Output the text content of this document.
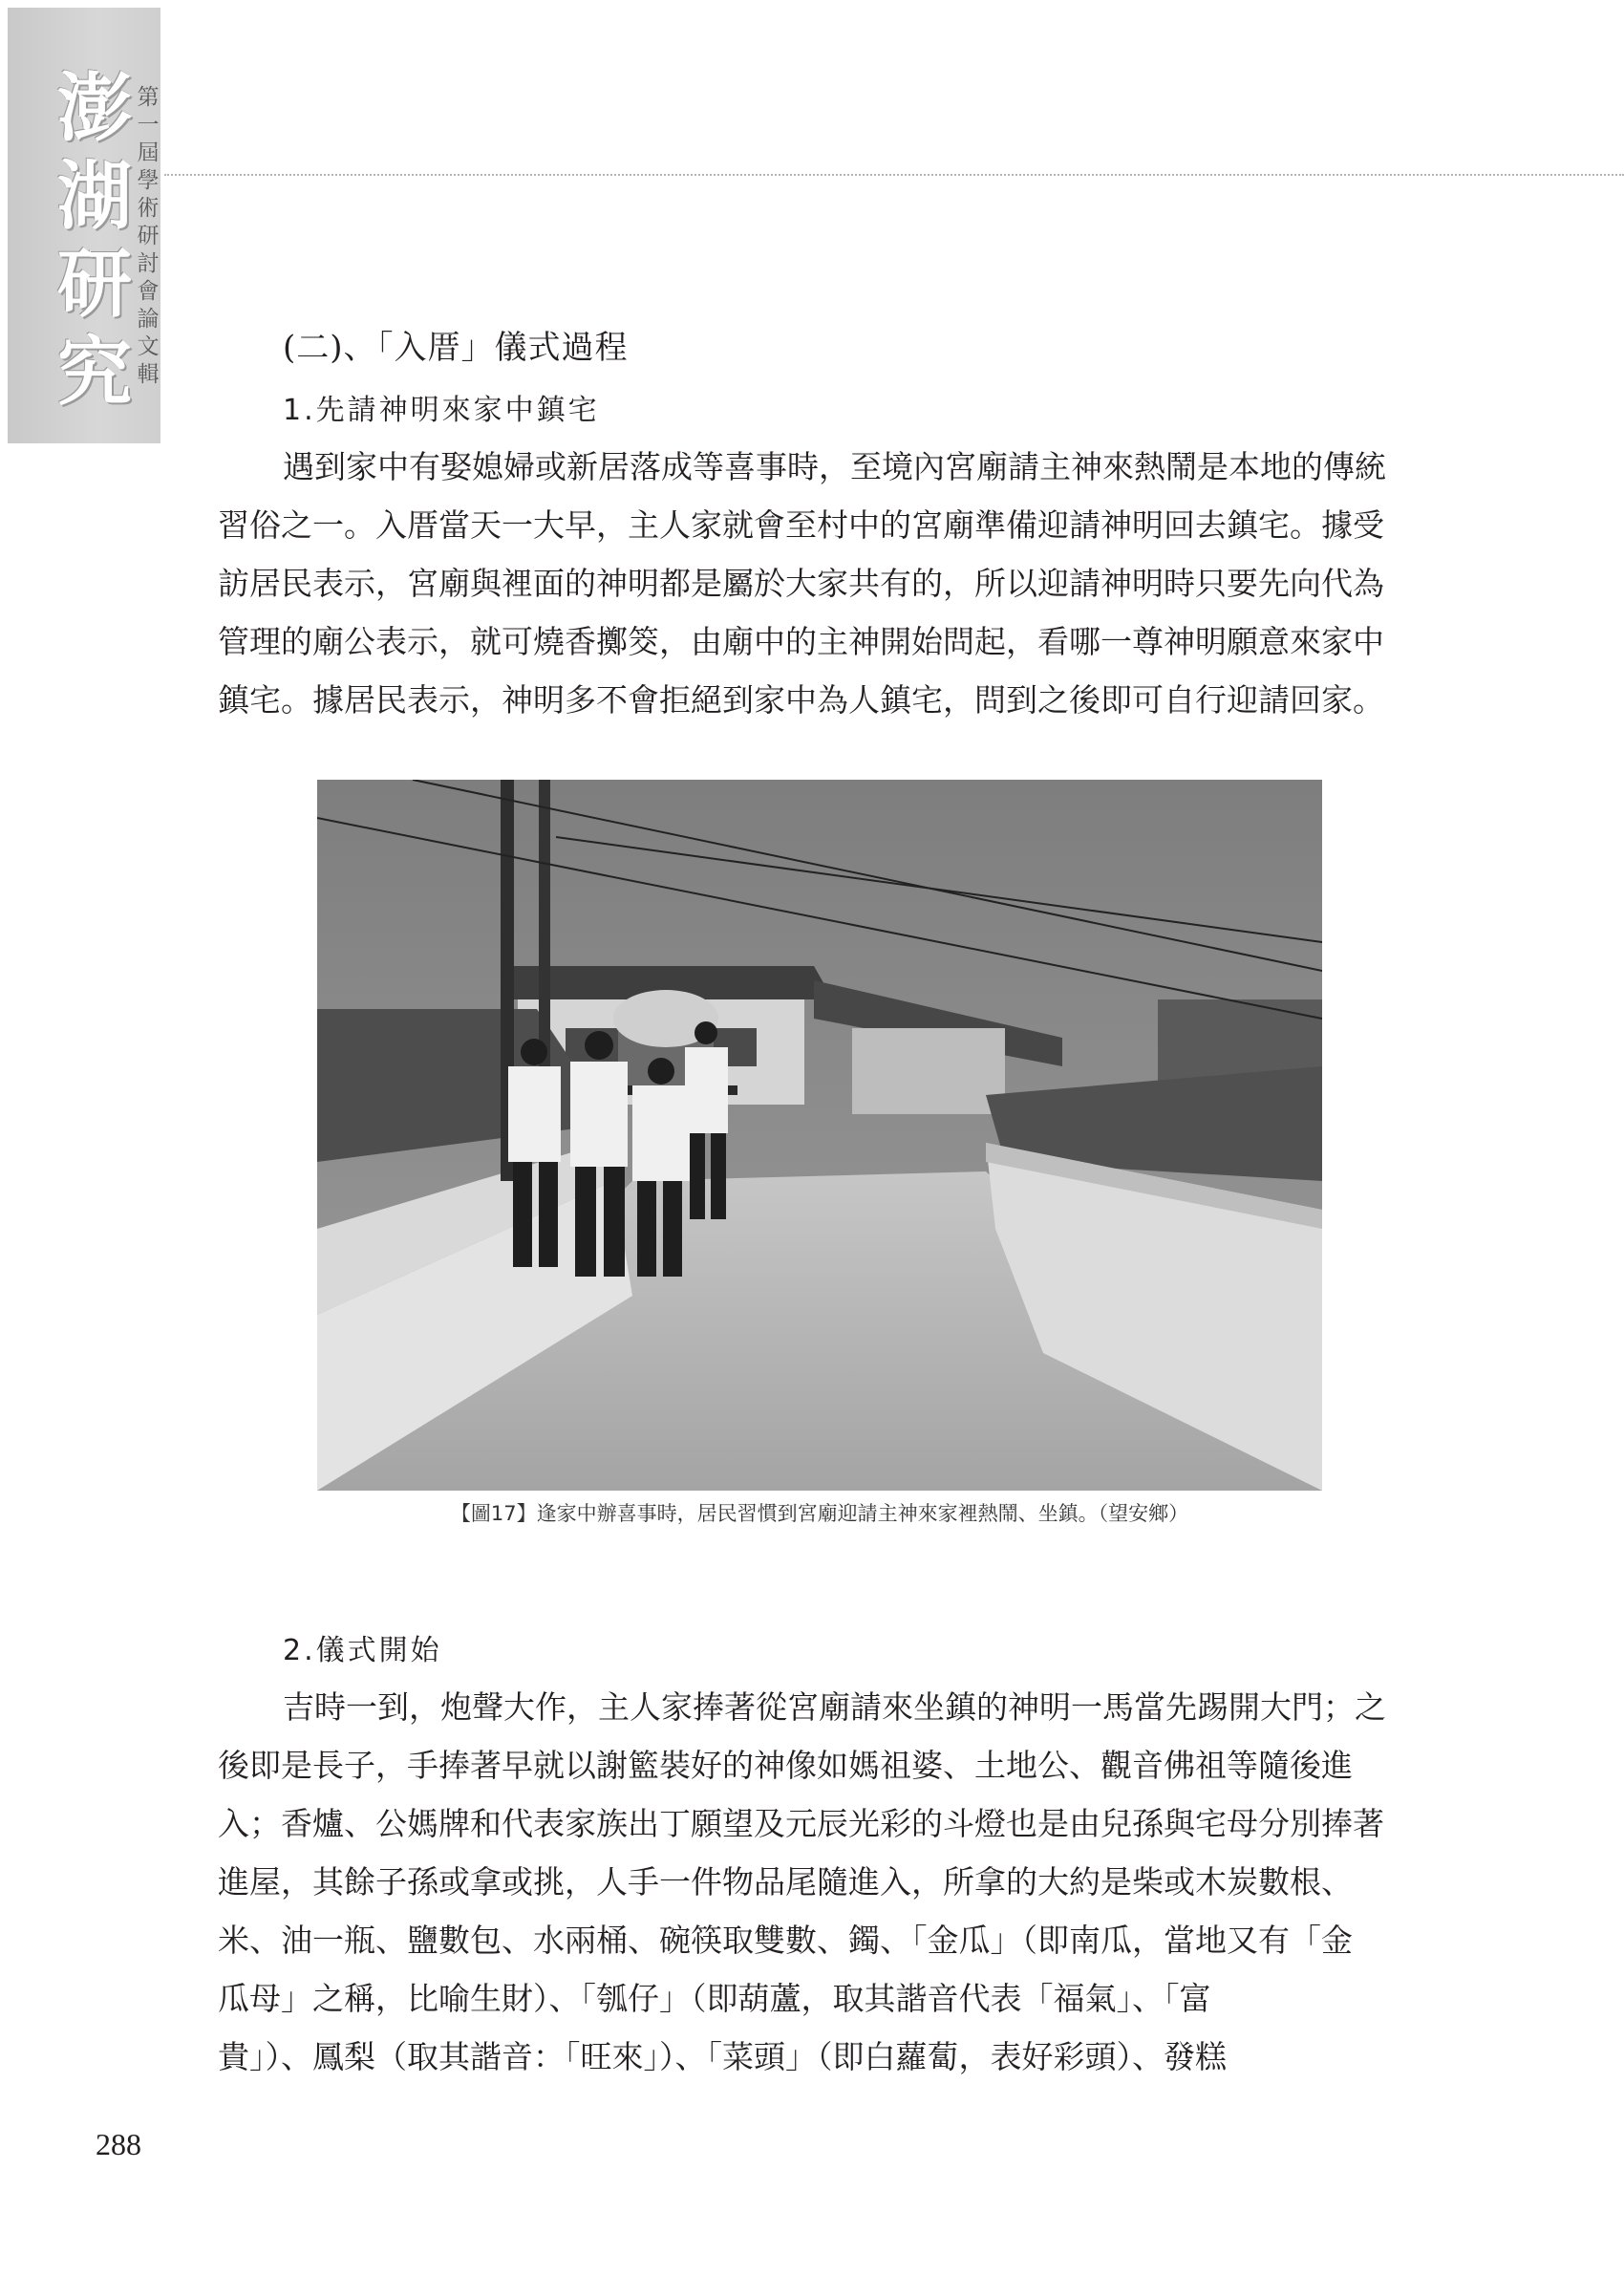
澎
湖
研
究
第
一
屆
學
術
研
討
會
論
文
輯
(二)、「入厝」儀式過程
1.先請神明來家中鎮宅

遇到家中有娶媳婦或新居落成等喜事時，至境內宮廟請主神來熱鬧是本地的傳統
習俗之一。入厝當天一大早，主人家就會至村中的宮廟準備迎請神明回去鎮宅。據受
訪居民表示，宮廟與裡面的神明都是屬於大家共有的，所以迎請神明時只要先向代為
管理的廟公表示，就可燒香擲筊，由廟中的主神開始問起，看哪一尊神明願意來家中
鎮宅。據居民表示，神明多不會拒絕到家中為人鎮宅，問到之後即可自行迎請回家。

【圖17】逢家中辦喜事時，居民習慣到宮廟迎請主神來家裡熱鬧、坐鎮。（望安鄉）
2.儀式開始

吉時一到，炮聲大作，主人家捧著從宮廟請來坐鎮的神明一馬當先踢開大門；之
後即是長子，手捧著早就以謝籃裝好的神像如媽祖婆、土地公、觀音佛祖等隨後進
入；香爐、公媽牌和代表家族出丁願望及元辰光彩的斗燈也是由兒孫與宅母分別捧著
進屋，其餘子孫或拿或挑，人手一件物品尾隨進入，所拿的大約是柴或木炭數根、
米、油一瓶、鹽數包、水兩桶、碗筷取雙數、鐲、「金瓜」（即南瓜，當地又有「金
瓜母」之稱，比喻生財）、「瓠仔」（即葫蘆，取其諧音代表「福氣」、「富
貴」）、鳳梨（取其諧音：「旺來」）、「菜頭」（即白蘿蔔，表好彩頭）、發糕

288
